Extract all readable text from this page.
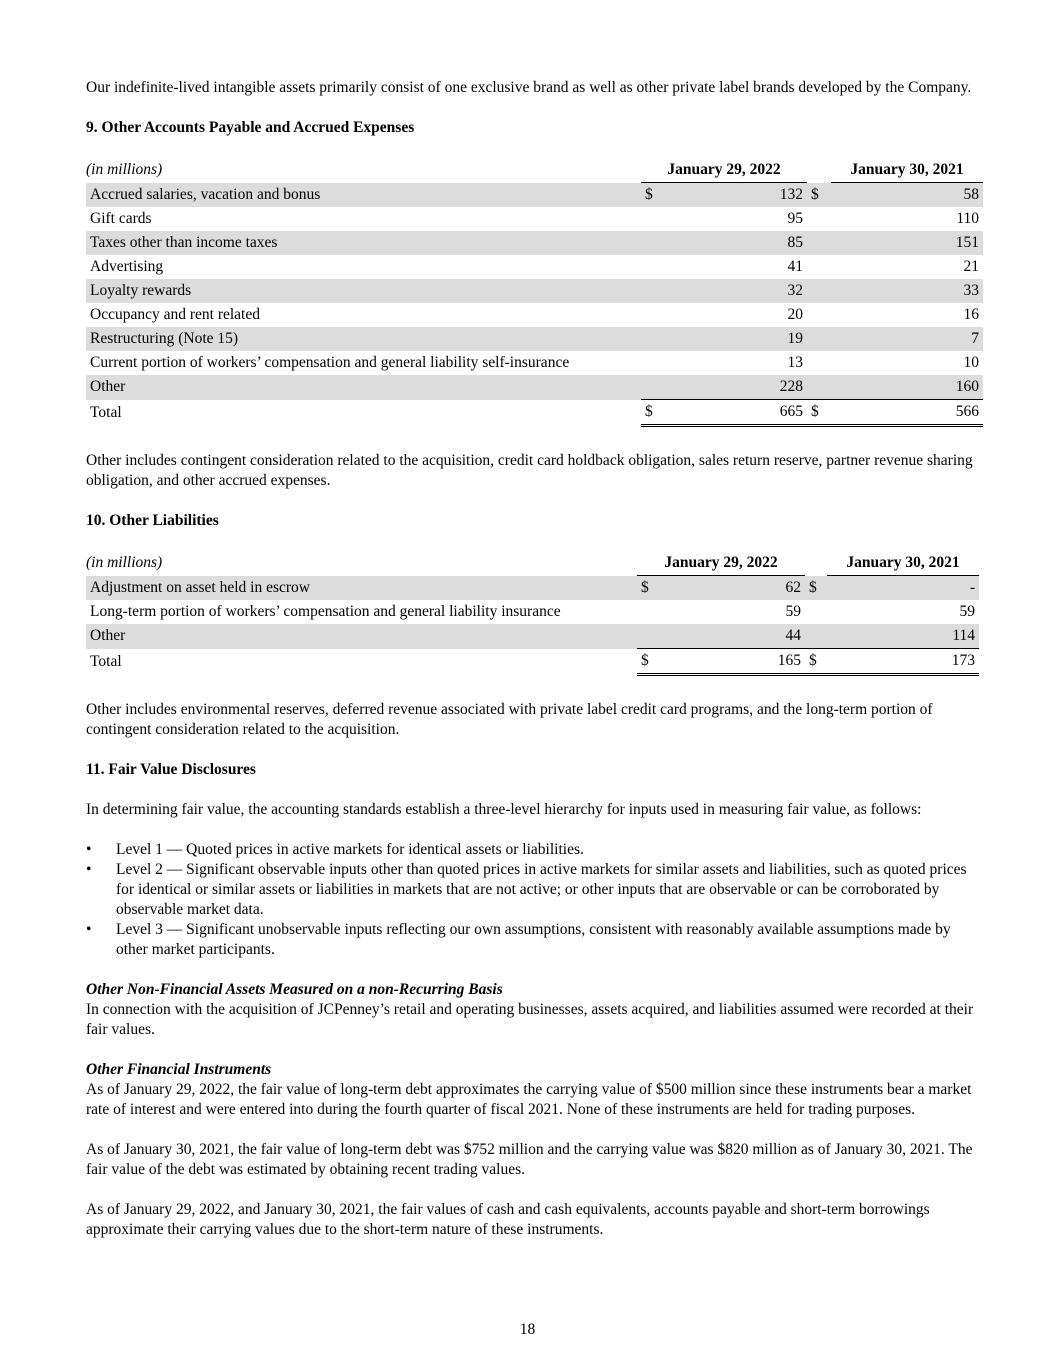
Our indefinite-lived intangible assets primarily consist of one exclusive brand as well as other private label brands developed by the Company.

9. Other Accounts Payable and Accrued Expenses
(in millions)	January 29, 2022			January 30, 2021
Accrued salaries, vacation and bonus	$	132	$	58
Gift cards		95		110
Taxes other than income taxes		85		151
Advertising		41		21
Loyalty rewards		32		33
Occupancy and rent related		20		16
Restructuring (Note 15)		19		7
Current portion of workers’ compensation and general liability self-insurance		13		10
Other		228		160
Total	$	665	$	566

Other includes contingent consideration related to the acquisition, credit card holdback obligation, sales return reserve, partner revenue sharing obligation, and other accrued expenses.

10. Other Liabilities
(in millions)	January 29, 2022			January 30, 2021
Adjustment on asset held in escrow	$	62	$	-
Long-term portion of workers’ compensation and general liability insurance		59		59
Other		44		114
Total	$	165	$	173

Other includes environmental reserves, deferred revenue associated with private label credit card programs, and the long-term portion of contingent consideration related to the acquisition.

11. Fair Value Disclosures

In determining fair value, the accounting standards establish a three-level hierarchy for inputs used in measuring fair value, as follows:

• Level 1 — Quoted prices in active markets for identical assets or liabilities.
• Level 2 — Significant observable inputs other than quoted prices in active markets for similar assets and liabilities, such as quoted prices for identical or similar assets or liabilities in markets that are not active; or other inputs that are observable or can be corroborated by observable market data.
• Level 3 — Significant unobservable inputs reflecting our own assumptions, consistent with reasonably available assumptions made by other market participants.

Other Non-Financial Assets Measured on a non-Recurring Basis

In connection with the acquisition of JCPenney’s retail and operating businesses, assets acquired, and liabilities assumed were recorded at their fair values.

Other Financial Instruments

As of January 29, 2022, the fair value of long-term debt approximates the carrying value of $500 million since these instruments bear a market rate of interest and were entered into during the fourth quarter of fiscal 2021. None of these instruments are held for trading purposes.

As of January 30, 2021, the fair value of long-term debt was $752 million and the carrying value was $820 million as of January 30, 2021. The fair value of the debt was estimated by obtaining recent trading values.

As of January 29, 2022, and January 30, 2021, the fair values of cash and cash equivalents, accounts payable and short-term borrowings approximate their carrying values due to the short-term nature of these instruments.

18
